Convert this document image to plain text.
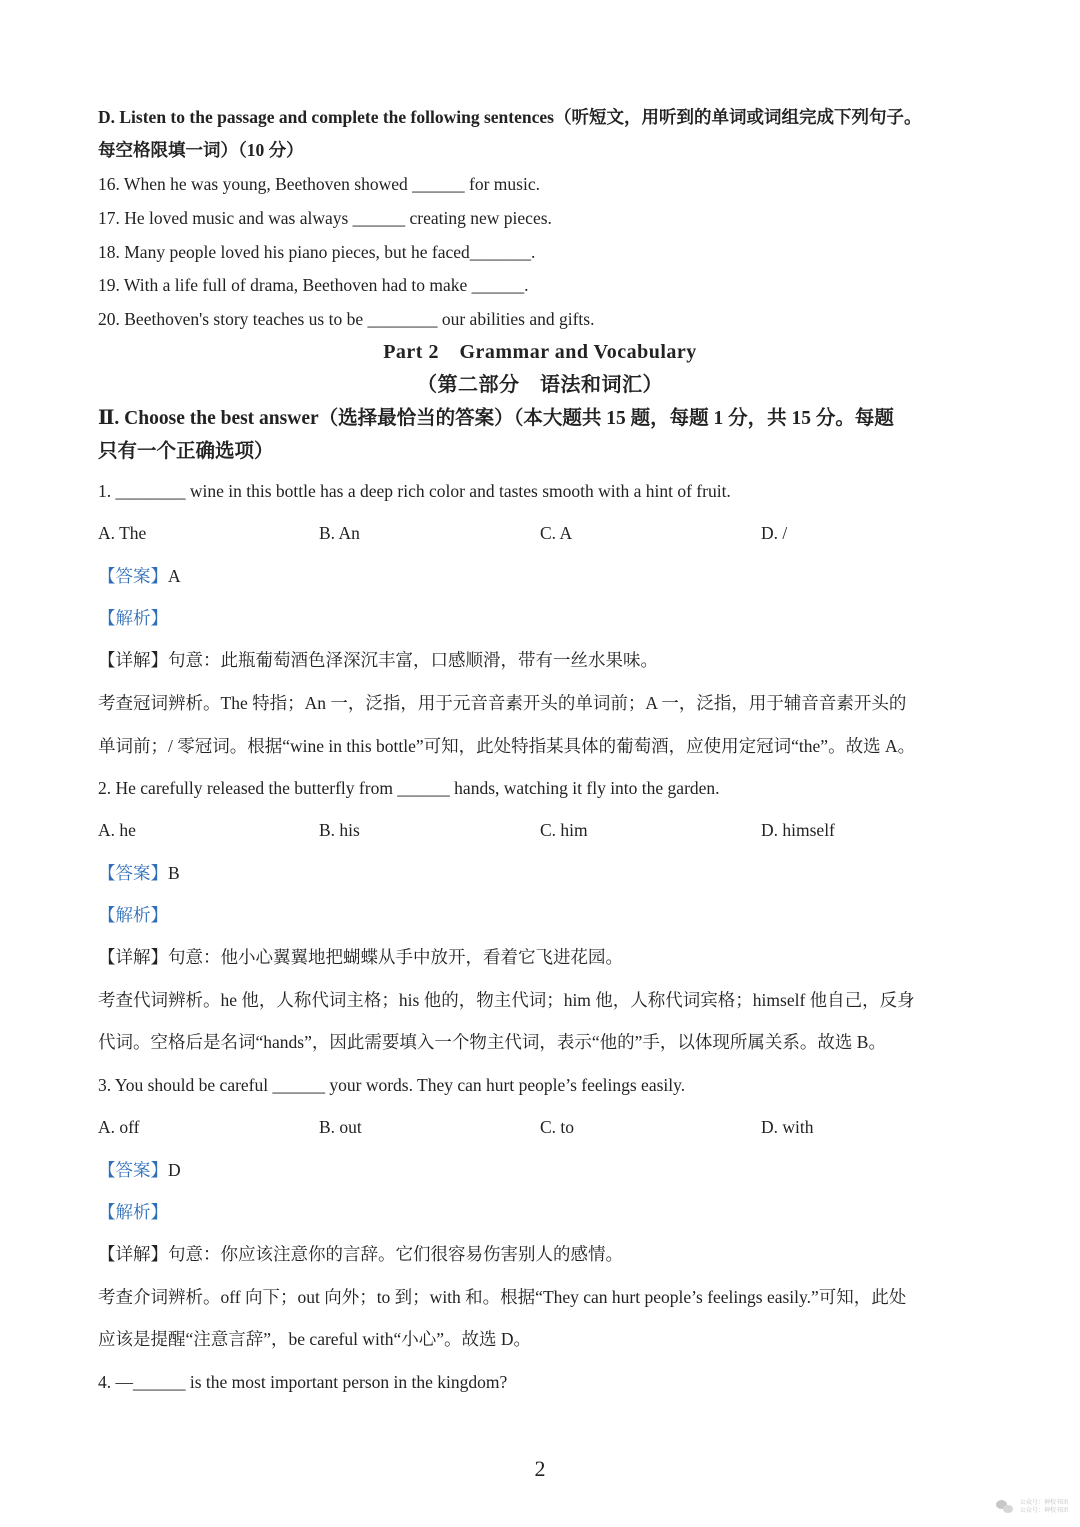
D. Listen to the passage and complete the following sentences（听短文，用听到的单词或词组完成下列句子。
每空格限填一词）（10 分）
16. When he was young, Beethoven showed ______ for music.
17. He loved music and was always ______ creating new pieces.
18. Many people loved his piano pieces, but he faced_______.
19. With a life full of drama, Beethoven had to make ______.
20. Beethoven's story teaches us to be ________ our abilities and gifts.
Part 2　Grammar and Vocabulary
（第二部分　语法和词汇）
Ⅱ. Choose the best answer（选择最恰当的答案）（本大题共 15 题，每题 1 分，共 15 分。每题
只有一个正确选项）
1. ________ wine in this bottle has a deep rich color and tastes smooth with a hint of fruit.
A. The	B. An	C. A	D. /
【答案】A
【解析】
【详解】句意：此瓶葡萄酒色泽深沉丰富，口感顺滑，带有一丝水果味。
考查冠词辨析。The 特指；An 一，泛指，用于元音音素开头的单词前；A 一，泛指，用于辅音音素开头的
单词前；/ 零冠词。根据“wine in this bottle”可知，此处特指某具体的葡萄酒，应使用定冠词“the”。故选 A。
2. He carefully released the butterfly from ______ hands, watching it fly into the garden.
A. he	B. his	C. him	D. himself
【答案】B
【解析】
【详解】句意：他小心翼翼地把蝴蝶从手中放开，看着它飞进花园。
考查代词辨析。he 他，人称代词主格；his 他的，物主代词；him 他，人称代词宾格；himself 他自己，反身
代词。空格后是名词“hands”，因此需要填入一个物主代词，表示“他的”手，以体现所属关系。故选 B。
3. You should be careful ______ your words. They can hurt people’s feelings easily.
A. off	B. out	C. to	D. with
【答案】D
【解析】
【详解】句意：你应该注意你的言辞。它们很容易伤害别人的感情。
考查介词辨析。off 向下；out 向外；to 到；with 和。根据“They can hurt people’s feelings easily.”可知，此处
应该是提醒“注意言辞”，be careful with“小心”。故选 D。
4. —______ is the most important person in the kingdom?
2
公众号：神校书团
公众号：神校书团
